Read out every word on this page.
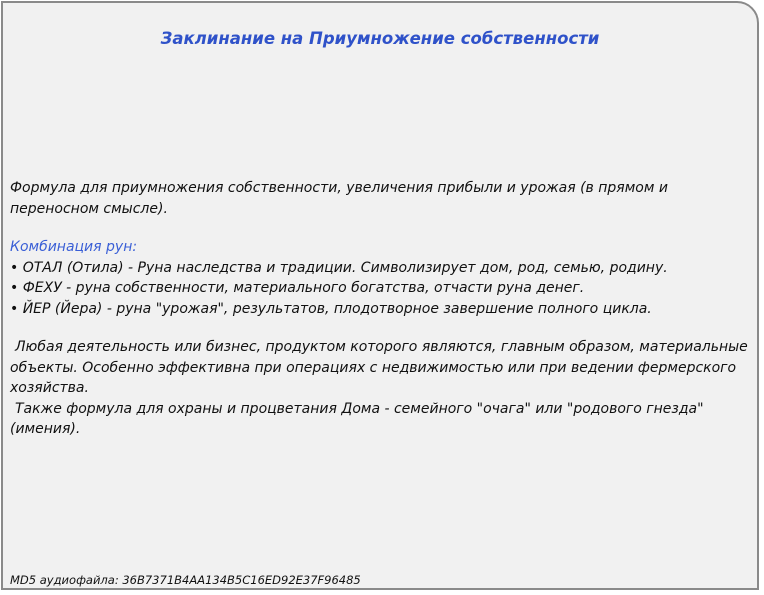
Заклинание на Приумножение собственности

Формула для приумножения собственности, увеличения прибыли и урожая (в прямом и переносном смысле).

Комбинация рун:

• ОТАЛ (Отила) - Руна наследства и традиции. Символизирует дом, род, семью, родину.

• ФЕХУ - руна собственности, материального богатства, отчасти руна денег.

• ЙЕР (Йера) - руна "урожая", результатов, плодотворное завершение полного цикла.

Любая деятельность или бизнес, продуктом которого являются, главным образом, материальные объекты. Особенно эффективна при операциях с недвижимостью или при ведении фермерского хозяйства.

Также формула для охраны и процветания Дома - семейного "очага" или "родового гнезда" (имения).

MD5 аудиофайла: 36B7371B4AA134B5C16ED92E37F96485
